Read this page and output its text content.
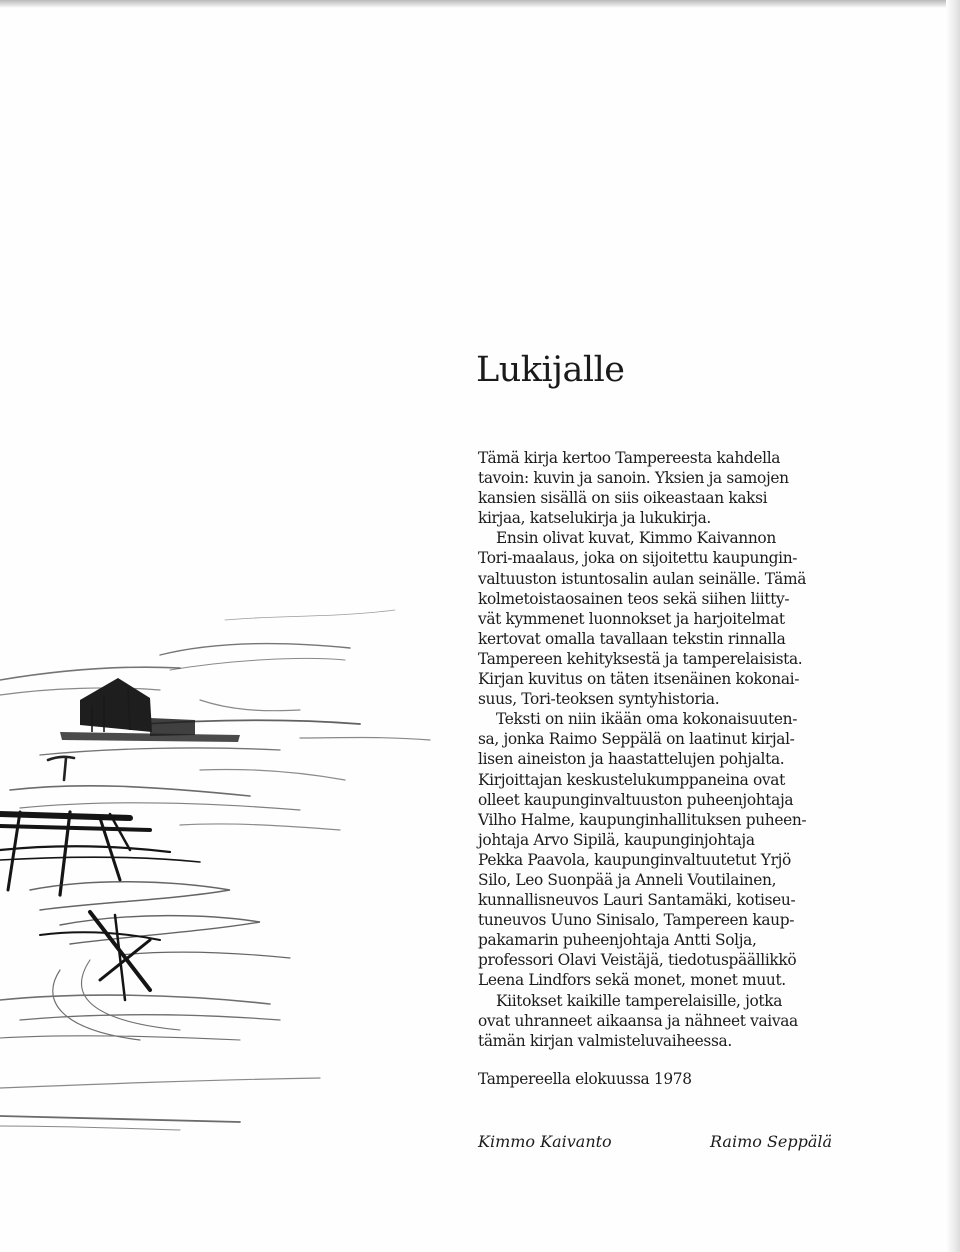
Lukijalle
Tämä kirja kertoo Tampereesta kahdella
tavoin: kuvin ja sanoin. Yksien ja samojen
kansien sisällä on siis oikeastaan kaksi
kirjaa, katselukirja ja lukukirja.
Ensin olivat kuvat, Kimmo Kaivannon
Tori-maalaus, joka on sijoitettu kaupungin-
valtuuston istuntosalin aulan seinälle. Tämä
kolmetoistaosainen teos sekä siihen liitty-
vät kymmenet luonnokset ja harjoitelmat
kertovat omalla tavallaan tekstin rinnalla
Tampereen kehityksestä ja tamperelaisista.
Kirjan kuvitus on täten itsenäinen kokonai-
suus, Tori-teoksen syntyhistoria.
Teksti on niin ikään oma kokonaisuuten-
sa, jonka Raimo Seppälä on laatinut kirjal-
lisen aineiston ja haastattelujen pohjalta.
Kirjoittajan keskustelukumppaneina ovat
olleet kaupunginvaltuuston puheenjohtaja
Vilho Halme, kaupunginhallituksen puheen-
johtaja Arvo Sipilä, kaupunginjohtaja
Pekka Paavola, kaupunginvaltuutetut Yrjö
Silo, Leo Suonpää ja Anneli Voutilainen,
kunnallisneuvos Lauri Santamäki, kotiseu-
tuneuvos Uuno Sinisalo, Tampereen kaup-
pakamarin puheenjohtaja Antti Solja,
professori Olavi Veistäjä, tiedotuspäällikkö
Leena Lindfors sekä monet, monet muut.
Kiitokset kaikille tamperelaisille, jotka
ovat uhranneet aikaansa ja nähneet vaivaa
tämän kirjan valmisteluvaiheessa.
Tampereella elokuussa 1978
Kimmo Kaivanto	Raimo Seppälä
